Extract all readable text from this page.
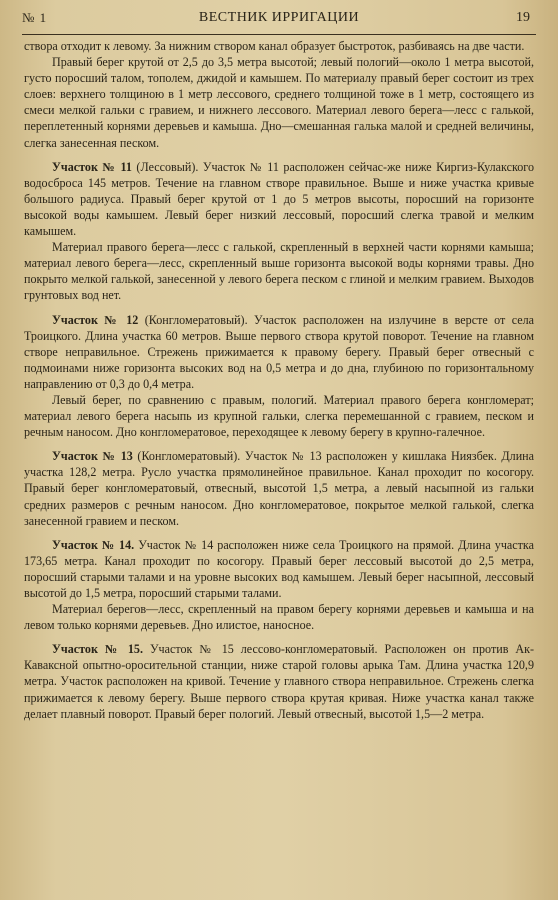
№ 1	ВЕСТНИК ИРРИГАЦИИ	19

створа отходит к левому. За нижним створом канал образует быстроток, разбиваясь на две части.

Правый берег крутой от 2,5 до 3,5 метра высотой; левый пологий—около 1 метра высотой, густо поросший талом, тополем, джидой и камышем. По материалу правый берег состоит из трех слоев: верхнего толщиною в 1 метр лессового, среднего толщиной тоже в 1 метр, состоящего из смеси мелкой гальки с гравием, и нижнего лессового. Материал левого берега—лесс с галькой, переплетенный корнями деревьев и камыша. Дно—смешанная галька малой и средней величины, слегка занесенная песком.

Участок № 11 (Лессовый). Участок № 11 расположен сейчас-же ниже Киргиз-Кулакского водосброса 145 метров. Течение на главном створе правильное. Выше и ниже участка кривые большого радиуса. Правый берег крутой от 1 до 5 метров высоты, поросший на горизонте высокой воды камышем. Левый берег низкий лессовый, поросший слегка травой и мелким камышем.

Материал правого берега—лесс с галькой, скрепленный в верхней части корнями камыша; материал левого берега—лесс, скрепленный выше горизонта высокой воды корнями травы. Дно покрыто мелкой галькой, занесенной у левого берега песком с глиной и мелким гравием. Выходов грунтовых вод нет.

Участок № 12 (Конгломератовый). Участок расположен на излучине в версте от села Троицкого. Длина участка 60 метров. Выше первого створа крутой поворот. Течение на главном створе неправильное. Стрежень прижимается к правому берегу. Правый берег отвесный с подмоинами ниже горизонта высоких вод на 0,5 метра и до дна, глубиною по горизонтальному направлению от 0,3 до 0,4 метра.

Левый берег, по сравнению с правым, пологий. Материал правого берега конгломерат; материал левого берега насыпь из крупной гальки, слегка перемешанной с гравием, песком и речным наносом. Дно конгломератовое, переходящее к левому берегу в крупно-галечное.

Участок № 13 (Конгломератовый). Участок № 13 расположен у кишлака Ниязбек. Длина участка 128,2 метра. Русло участка прямолинейное правильное. Канал проходит по косогору. Правый берег конгломератовый, отвесный, высотой 1,5 метра, а левый насыпной из гальки средних размеров с речным наносом. Дно конгломератовое, покрытое мелкой галькой, слегка занесенной гравием и песком.

Участок № 14. Участок № 14 расположен ниже села Троицкого на прямой. Длина участка 173,65 метра. Канал проходит по косогору. Правый берег лессовый высотой до 2,5 метра, поросший старыми талами и на уровне высоких вод камышем. Левый берег насыпной, лессовый высотой до 1,5 метра, поросший старыми талами.

Материал берегов—лесс, скрепленный на правом берегу корнями деревьев и камыша и на левом только корнями деревьев. Дно илистое, наносное.

Участок № 15. Участок № 15 лессово-конгломератовый. Расположен он против Ак-Каваксной опытно-оросительной станции, ниже старой головы арыка Там. Длина участка 120,9 метра. Участок расположен на кривой. Течение у главного створа неправильное. Стрежень слегка прижимается к левому берегу. Выше первого створа крутая кривая. Ниже участка канал также делает плавный поворот. Правый берег пологий. Левый отвесный, высотой 1,5—2 метра.
